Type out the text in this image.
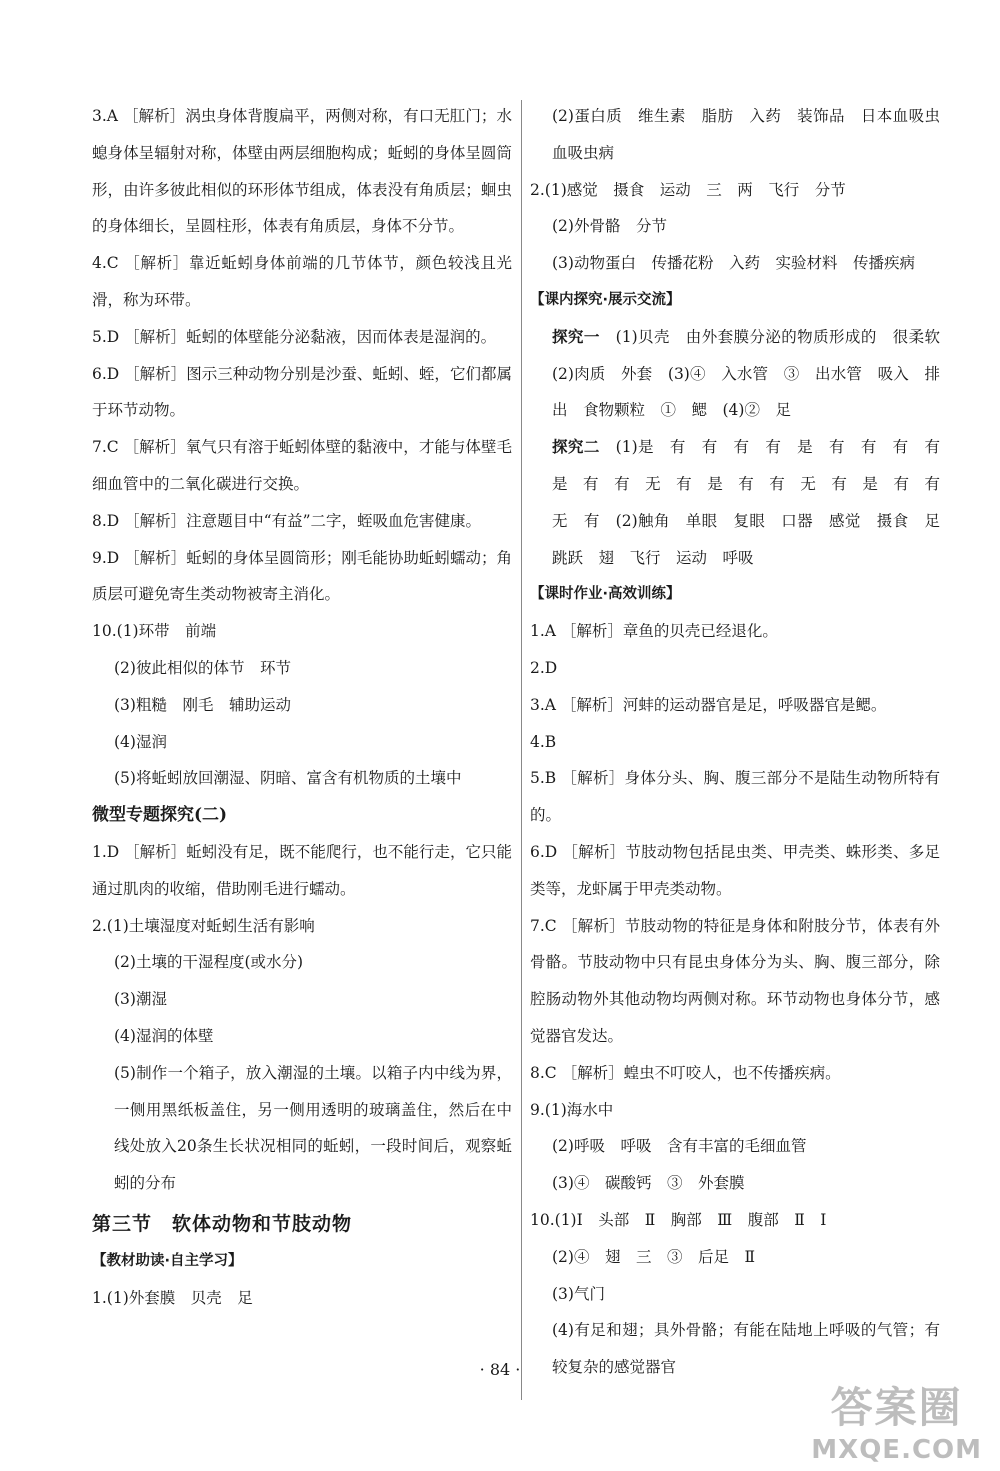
3.A ［解析］涡虫身体背腹扁平，两侧对称，有口无肛门；水螅身体呈辐射对称，体壁由两层细胞构成；蚯蚓的身体呈圆筒形，由许多彼此相似的环形体节组成，体表没有角质层；蛔虫的身体细长，呈圆柱形，体表有角质层，身体不分节。

4.C ［解析］靠近蚯蚓身体前端的几节体节，颜色较浅且光滑，称为环带。

5.D ［解析］蚯蚓的体壁能分泌黏液，因而体表是湿润的。

6.D ［解析］图示三种动物分别是沙蚕、蚯蚓、蛭，它们都属于环节动物。

7.C ［解析］氧气只有溶于蚯蚓体壁的黏液中，才能与体壁毛细血管中的二氧化碳进行交换。

8.D ［解析］注意题目中“有益”二字，蛭吸血危害健康。

9.D ［解析］蚯蚓的身体呈圆筒形；刚毛能协助蚯蚓蠕动；角质层可避免寄生类动物被寄主消化。

10.(1)环带　前端

(2)彼此相似的体节　环节

(3)粗糙　刚毛　辅助运动

(4)湿润

(5)将蚯蚓放回潮湿、阴暗、富含有机物质的土壤中

微型专题探究(二)

1.D ［解析］蚯蚓没有足，既不能爬行，也不能行走，它只能通过肌肉的收缩，借助刚毛进行蠕动。

2.(1)土壤湿度对蚯蚓生活有影响

(2)土壤的干湿程度(或水分)

(3)潮湿

(4)湿润的体壁

(5)制作一个箱子，放入潮湿的土壤。以箱子内中线为界，一侧用黑纸板盖住，另一侧用透明的玻璃盖住，然后在中线处放入20条生长状况相同的蚯蚓，一段时间后，观察蚯蚓的分布

第三节　软体动物和节肢动物

【教材助读·自主学习】

1.(1)外套膜　贝壳　足

(2)蛋白质　维生素　脂肪　入药　装饰品　日本血吸虫　血吸虫病

2.(1)感觉　摄食　运动　三　两　飞行　分节

(2)外骨骼　分节

(3)动物蛋白　传播花粉　入药　实验材料　传播疾病

【课内探究·展示交流】

探究一　(1)贝壳　由外套膜分泌的物质形成的　很柔软　(2)肉质　外套　(3)④　入水管　③　出水管　吸入　排出　食物颗粒　①　鳃　(4)②　足

探究二　(1)是　有　有　有　有　是　有　有　有　有　是　有　有　无　有　是　有　有　无　有　是　有　有　无　有　(2)触角　单眼　复眼　口器　感觉　摄食　足　跳跃　翅　飞行　运动　呼吸

【课时作业·高效训练】

1.A ［解析］章鱼的贝壳已经退化。

2.D

3.A ［解析］河蚌的运动器官是足，呼吸器官是鳃。

4.B

5.B ［解析］身体分头、胸、腹三部分不是陆生动物所特有的。

6.D ［解析］节肢动物包括昆虫类、甲壳类、蛛形类、多足类等，龙虾属于甲壳类动物。

7.C ［解析］节肢动物的特征是身体和附肢分节，体表有外骨骼。节肢动物中只有昆虫身体分为头、胸、腹三部分，除腔肠动物外其他动物均两侧对称。环节动物也身体分节，感觉器官发达。

8.C ［解析］蝗虫不叮咬人，也不传播疾病。

9.(1)海水中

(2)呼吸　呼吸　含有丰富的毛细血管

(3)④　碳酸钙　③　外套膜

10.(1)Ⅰ　头部　Ⅱ　胸部　Ⅲ　腹部　Ⅱ　Ⅰ

(2)④　翅　三　③　后足　Ⅱ

(3)气门

(4)有足和翅；具外骨骼；有能在陆地上呼吸的气管；有较复杂的感觉器官

· 84 ·
答案圈
MXQE.COM
